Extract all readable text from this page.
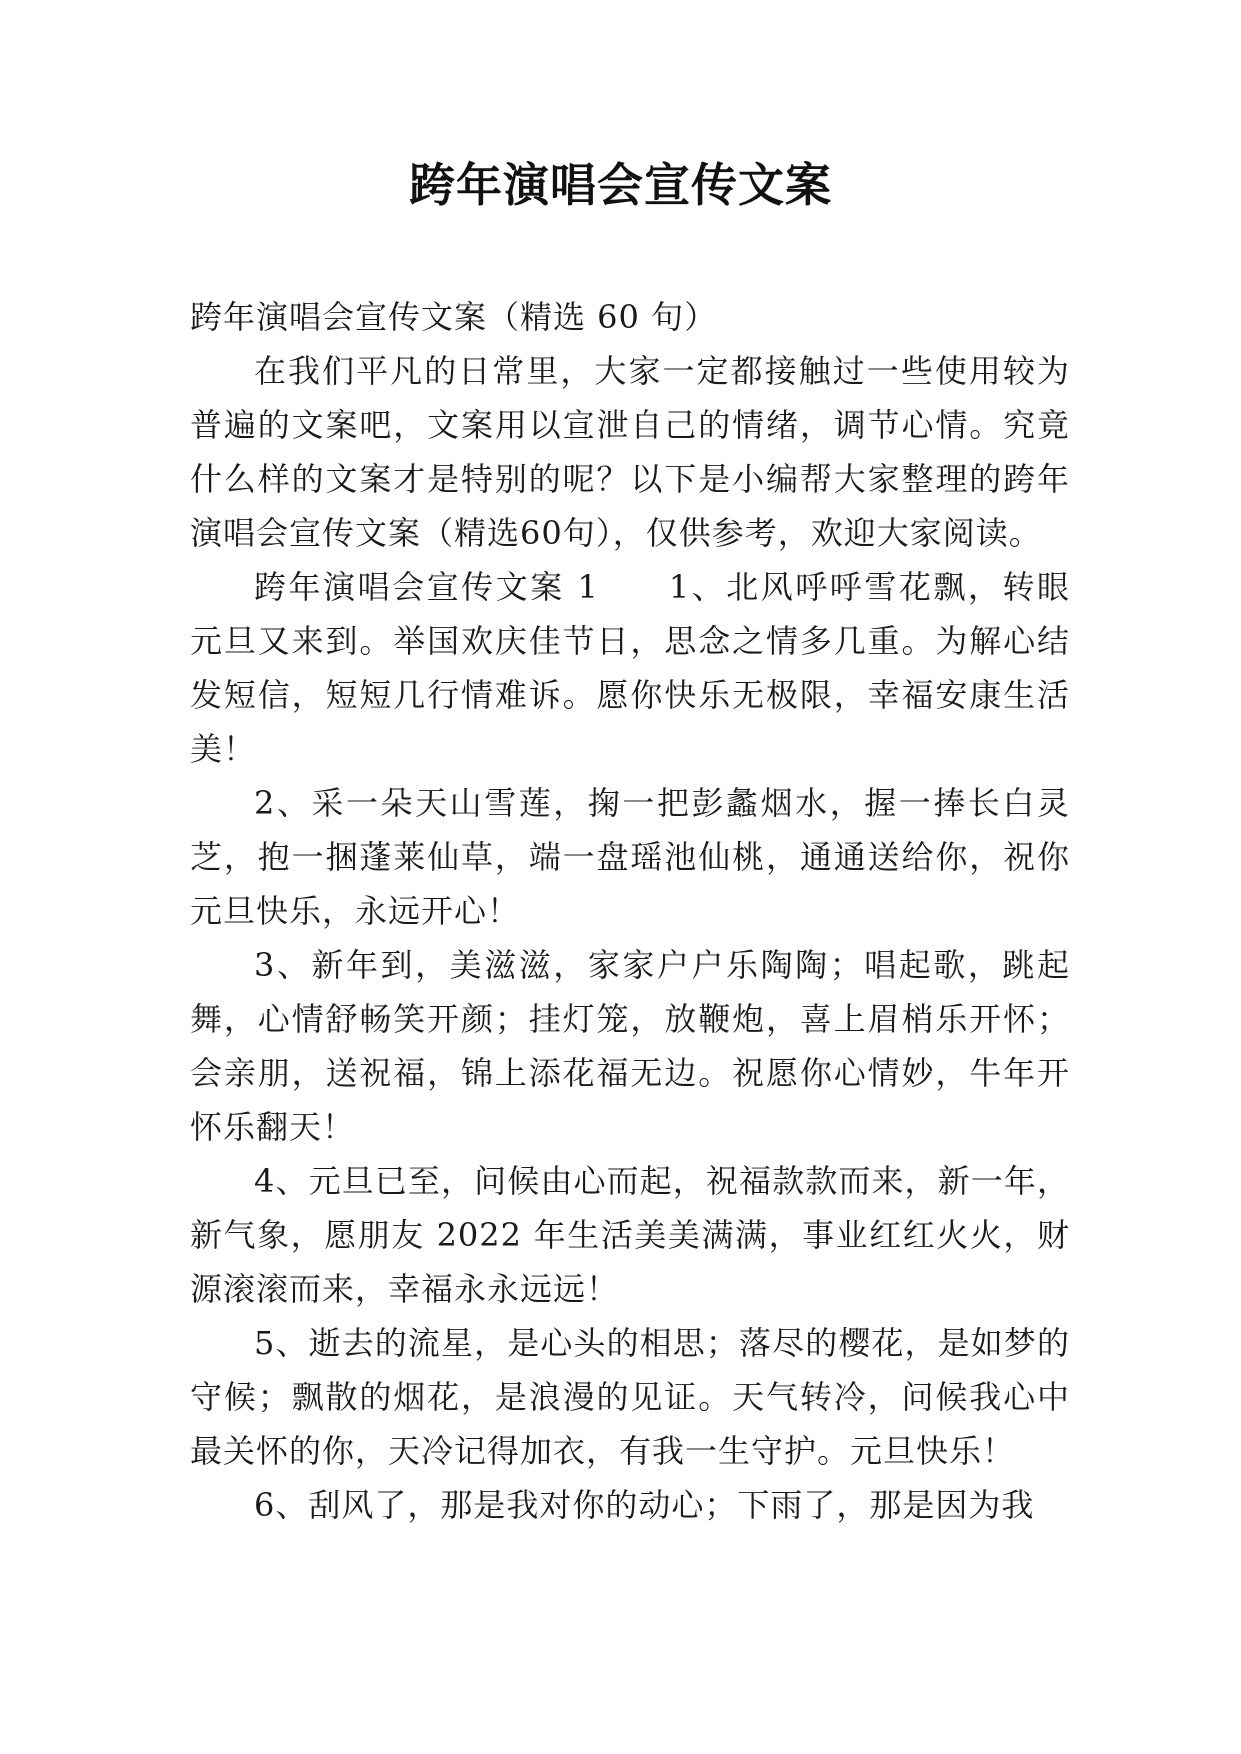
跨年演唱会宣传文案

跨年演唱会宣传文案（精选 60 句）

在我们平凡的日常里，大家一定都接触过一些使用较为普遍的文案吧，文案用以宣泄自己的情绪，调节心情。究竟什么样的文案才是特别的呢？以下是小编帮大家整理的跨年演唱会宣传文案（精选60句），仅供参考，欢迎大家阅读。

跨年演唱会宣传文案 1 1、北风呼呼雪花飘，转眼元旦又来到。举国欢庆佳节日，思念之情多几重。为解心结发短信，短短几行情难诉。愿你快乐无极限，幸福安康生活美！

2、采一朵天山雪莲，掬一把彭蠡烟水，握一捧长白灵芝，抱一捆蓬莱仙草，端一盘瑶池仙桃，通通送给你，祝你元旦快乐，永远开心！

3、新年到，美滋滋，家家户户乐陶陶；唱起歌，跳起舞，心情舒畅笑开颜；挂灯笼，放鞭炮，喜上眉梢乐开怀；会亲朋，送祝福，锦上添花福无边。祝愿你心情妙，牛年开怀乐翻天！

4、元旦已至，问候由心而起，祝福款款而来，新一年，新气象，愿朋友 2022 年生活美美满满，事业红红火火，财源滚滚而来，幸福永永远远！

5、逝去的流星，是心头的相思；落尽的樱花，是如梦的守候；飘散的烟花，是浪漫的见证。天气转冷，问候我心中最关怀的你，天冷记得加衣，有我一生守护。元旦快乐！

6、刮风了，那是我对你的动心；下雨了，那是因为我
